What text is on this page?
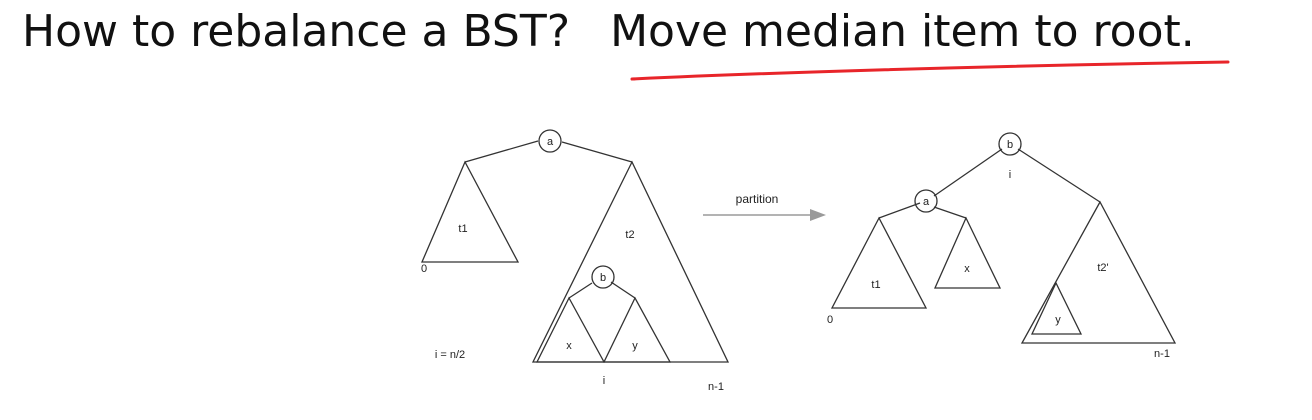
How to rebalance a BST? Move median item to root.
a
t1	t2
b
x	y
0
i = n/2
i	n-1
partition
b
i
a
t1
x	t2'
y
0
n-1
